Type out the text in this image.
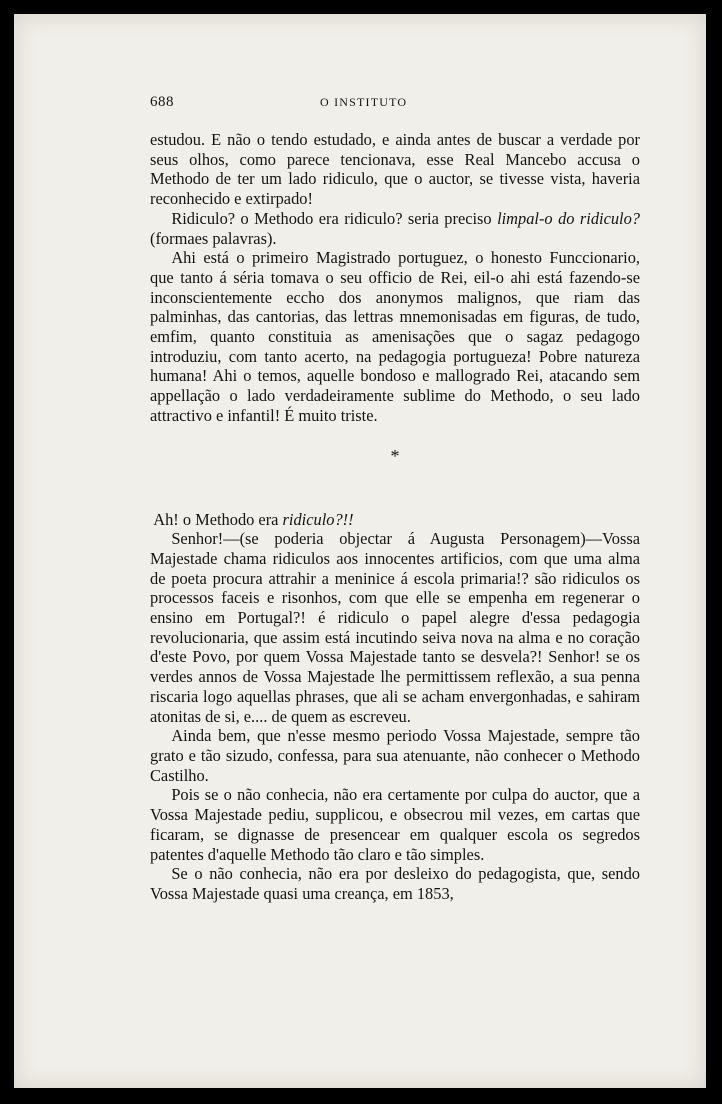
688	O INSTITUTO

estudou. E não o tendo estudado, e ainda antes de buscar a verdade por seus olhos, como parece tencionava, esse Real Mancebo accusa o Methodo de ter um lado ridiculo, que o auctor, se tivesse vista, haveria reconhecido e extirpado!

Ridiculo? o Methodo era ridiculo? seria preciso limpal-o do ridiculo? (formaes palavras).

Ahi está o primeiro Magistrado portuguez, o honesto Funccionario, que tanto á séria tomava o seu officio de Rei, eil-o ahi está fazendo-se inconscientemente eccho dos anonymos malignos, que riam das palminhas, das cantorias, das lettras mnemonisadas em figuras, de tudo, emfim, quanto constituia as amenisações que o sagaz pedagogo introduziu, com tanto acerto, na pedagogia portugueza! Pobre natureza humana! Ahi o temos, aquelle bondoso e mallogrado Rei, atacando sem appellação o lado verdadeiramente sublime do Methodo, o seu lado attractivo e infantil! É muito triste.

*

Ah! o Methodo era ridiculo?!!

Senhor!—(se poderia objectar á Augusta Personagem)—Vossa Majestade chama ridiculos aos innocentes artificios, com que uma alma de poeta procura attrahir a meninice á escola primaria!? são ridiculos os processos faceis e risonhos, com que elle se empenha em regenerar o ensino em Portugal?! é ridiculo o papel alegre d'essa pedagogia revolucionaria, que assim está incutindo seiva nova na alma e no coração d'este Povo, por quem Vossa Majestade tanto se desvela?! Senhor! se os verdes annos de Vossa Majestade lhe permittissem reflexão, a sua penna riscaria logo aquellas phrases, que ali se acham envergonhadas, e sahiram atonitas de si, e.... de quem as escreveu.

Ainda bem, que n'esse mesmo periodo Vossa Majestade, sempre tão grato e tão sizudo, confessa, para sua atenuante, não conhecer o Methodo Castilho.

Pois se o não conhecia, não era certamente por culpa do auctor, que a Vossa Majestade pediu, supplicou, e obsecrou mil vezes, em cartas que ficaram, se dignasse de presencear em qualquer escola os segredos patentes d'aquelle Methodo tão claro e tão simples.

Se o não conhecia, não era por desleixo do pedagogista, que, sendo Vossa Majestade quasi uma creança, em 1853,
